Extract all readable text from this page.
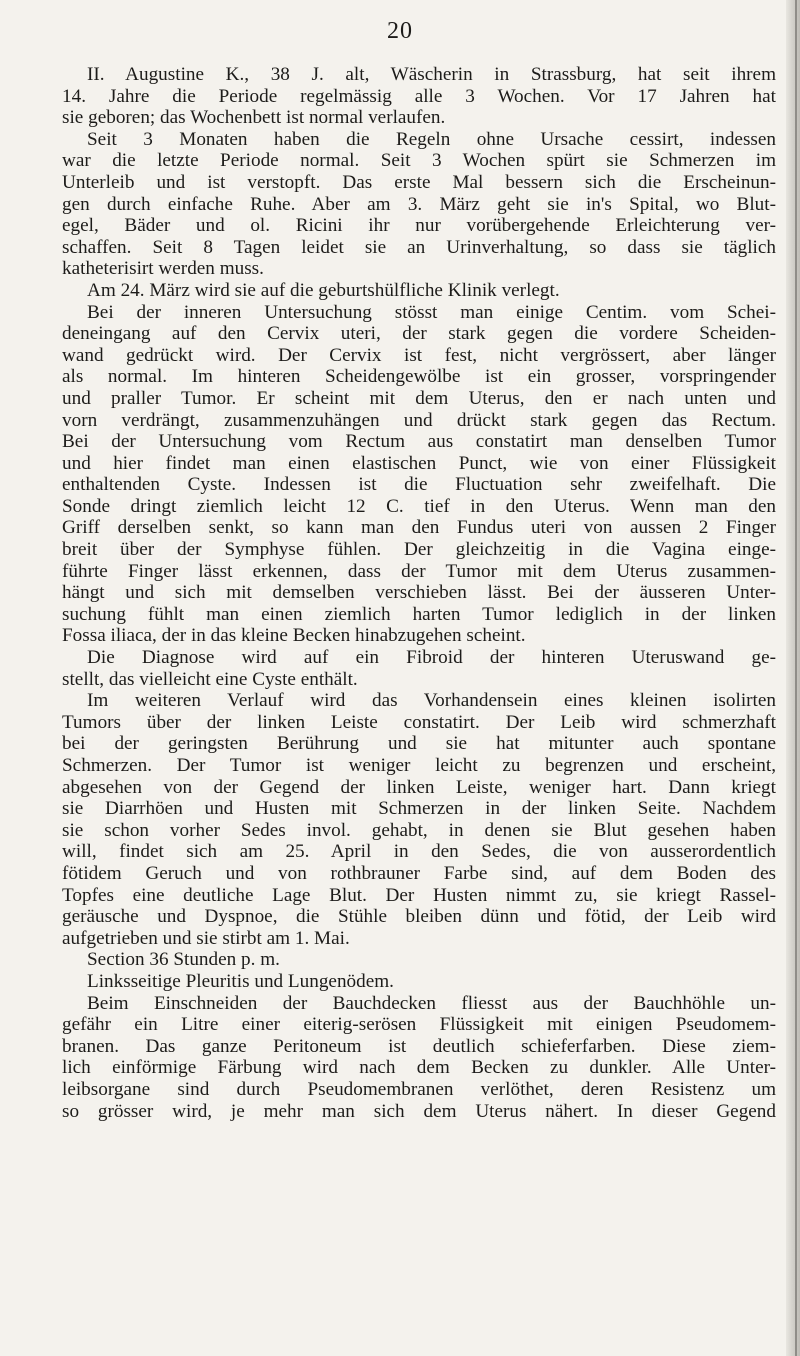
20
II. Augustine K., 38 J. alt, Wäscherin in Strassburg, hat seit ihrem
14. Jahre die Periode regelmässig alle 3 Wochen. Vor 17 Jahren hat
sie geboren; das Wochenbett ist normal verlaufen.
Seit 3 Monaten haben die Regeln ohne Ursache cessirt, indessen
war die letzte Periode normal. Seit 3 Wochen spürt sie Schmerzen im
Unterleib und ist verstopft. Das erste Mal bessern sich die Erscheinun-
gen durch einfache Ruhe. Aber am 3. März geht sie in's Spital, wo Blut-
egel, Bäder und ol. Ricini ihr nur vorübergehende Erleichterung ver-
schaffen. Seit 8 Tagen leidet sie an Urinverhaltung, so dass sie täglich
katheterisirt werden muss.
Am 24. März wird sie auf die geburtshülfliche Klinik verlegt.
Bei der inneren Untersuchung stösst man einige Centim. vom Schei-
deneingang auf den Cervix uteri, der stark gegen die vordere Scheiden-
wand gedrückt wird. Der Cervix ist fest, nicht vergrössert, aber länger
als normal. Im hinteren Scheidengewölbe ist ein grosser, vorspringender
und praller Tumor. Er scheint mit dem Uterus, den er nach unten und
vorn verdrängt, zusammenzuhängen und drückt stark gegen das Rectum.
Bei der Untersuchung vom Rectum aus constatirt man denselben Tumor
und hier findet man einen elastischen Punct, wie von einer Flüssigkeit
enthaltenden Cyste. Indessen ist die Fluctuation sehr zweifelhaft. Die
Sonde dringt ziemlich leicht 12 C. tief in den Uterus. Wenn man den
Griff derselben senkt, so kann man den Fundus uteri von aussen 2 Finger
breit über der Symphyse fühlen. Der gleichzeitig in die Vagina einge-
führte Finger lässt erkennen, dass der Tumor mit dem Uterus zusammen-
hängt und sich mit demselben verschieben lässt. Bei der äusseren Unter-
suchung fühlt man einen ziemlich harten Tumor lediglich in der linken
Fossa iliaca, der in das kleine Becken hinabzugehen scheint.
Die Diagnose wird auf ein Fibroid der hinteren Uteruswand ge-
stellt, das vielleicht eine Cyste enthält.
Im weiteren Verlauf wird das Vorhandensein eines kleinen isolirten
Tumors über der linken Leiste constatirt. Der Leib wird schmerzhaft
bei der geringsten Berührung und sie hat mitunter auch spontane
Schmerzen. Der Tumor ist weniger leicht zu begrenzen und erscheint,
abgesehen von der Gegend der linken Leiste, weniger hart. Dann kriegt
sie Diarrhöen und Husten mit Schmerzen in der linken Seite. Nachdem
sie schon vorher Sedes invol. gehabt, in denen sie Blut gesehen haben
will, findet sich am 25. April in den Sedes, die von ausserordentlich
fötidem Geruch und von rothbrauner Farbe sind, auf dem Boden des
Topfes eine deutliche Lage Blut. Der Husten nimmt zu, sie kriegt Rassel-
geräusche und Dyspnoe, die Stühle bleiben dünn und fötid, der Leib wird
aufgetrieben und sie stirbt am 1. Mai.
Section 36 Stunden p. m.
Linksseitige Pleuritis und Lungenödem.
Beim Einschneiden der Bauchdecken fliesst aus der Bauchhöhle un-
gefähr ein Litre einer eiterig-serösen Flüssigkeit mit einigen Pseudomem-
branen. Das ganze Peritoneum ist deutlich schieferfarben. Diese ziem-
lich einförmige Färbung wird nach dem Becken zu dunkler. Alle Unter-
leibsorgane sind durch Pseudomembranen verlöthet, deren Resistenz um
so grösser wird, je mehr man sich dem Uterus nähert. In dieser Gegend
